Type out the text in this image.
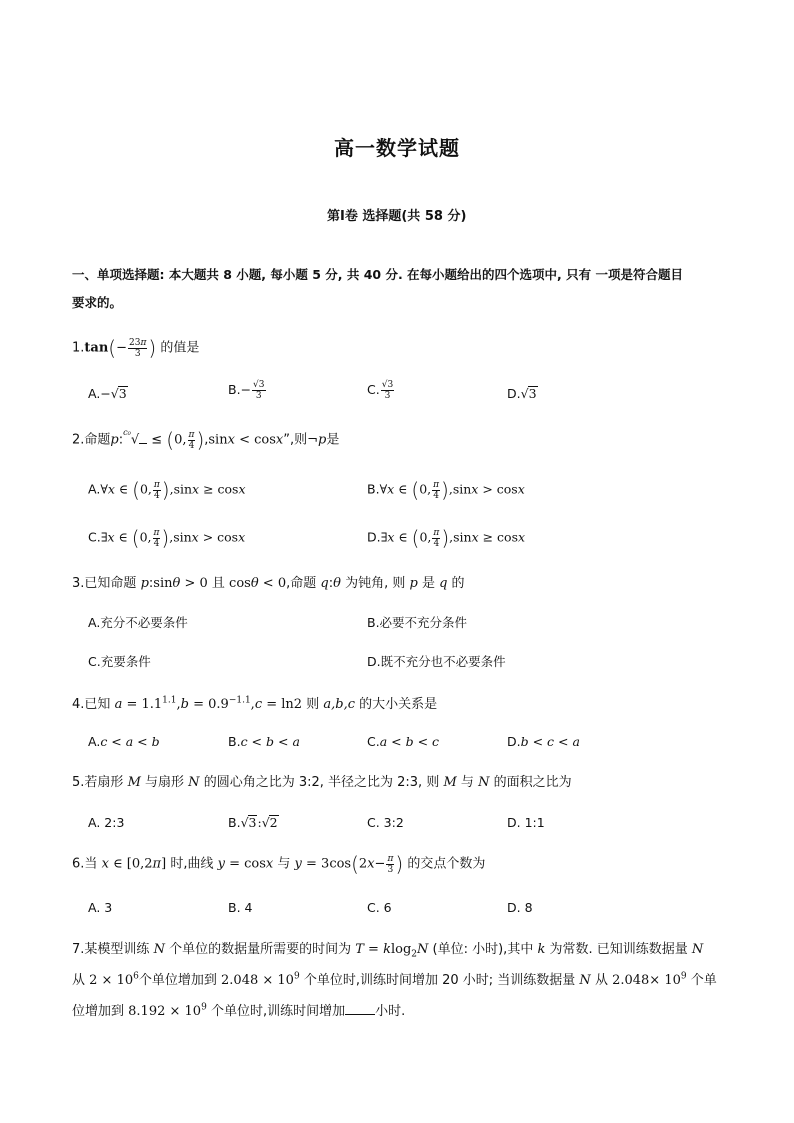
高一数学试题
第Ⅰ卷 选择题(共 58 分)
一、单项选择题: 本大题共 8 小题, 每小题 5 分, 共 40 分. 在每小题给出的四个选项中, 只有 一项是符合题目
要求的。
$1.\tan(- \frac{23\pi}{3}$ ) 的值是
A.−√3	$B.- \frac{√3}{3}$	C. $\frac{√3}{3}$	D.√3
2.命题p:$^{c_0}$√ ≤ (0, $\frac{\pi}{4} ),\sin x < \cos x$”,则¬p是
A.∀x ∈ (0, $\frac{\pi}{4} ),\sin x \ge \cos x$	B.∀x ∈ (0, $\frac{\pi}{4} ),\sin x > \cos x$
C.∃x ∈ (0, $\frac{\pi}{4} ),\sin x > \cos x$	D.∃x ∈ (0, $\frac{\pi}{4} ),\sin x \ge \cos x$
3.已知命题 p:sinθ > 0 且 cosθ < 0,命题 q:θ 为钝角, 则 p 是 q 的
A.充分不必要条件	B.必要不充分条件
C.充要条件	D.既不充分也不必要条件
4.已知 $a = 1.1^{1.1},b = 0.9^{-1.1},c = \ln 2$ 则 a,b,c 的大小关系是
A.c < a < b	B.c < b < a	C.a < b < c	D.b < c < a
5.若扇形 M 与扇形 N 的圆心角之比为 3:2, 半径之比为 2:3, 则 M 与 N 的面积之比为
A. 2:3	B.√3:√2	C. 3:2	D. 1:1
6.当 x ∈ [0,2π] 时,曲线 y = cosx 与 $y = 3\cos(2x- \frac{\pi}{3}$ ) 的交点个数为
A. 3	B. 4	C. 6	D. 8
7.某模型训练 N 个单位的数据量所需要的时间为 T = klog$_2$N (单位: 小时),其中 k 为常数. 已知训练数据量 N
从 $2 \times 10^6$个单位增加到 $2.048 \times 10^9$ 个单位时,训练时间增加 20 小时; 当训练数据量 N 从 $2.048\times 10^9$ 个单
位增加到 $8.192 \times 10^9$ 个单位时,训练时间增加 小时.
